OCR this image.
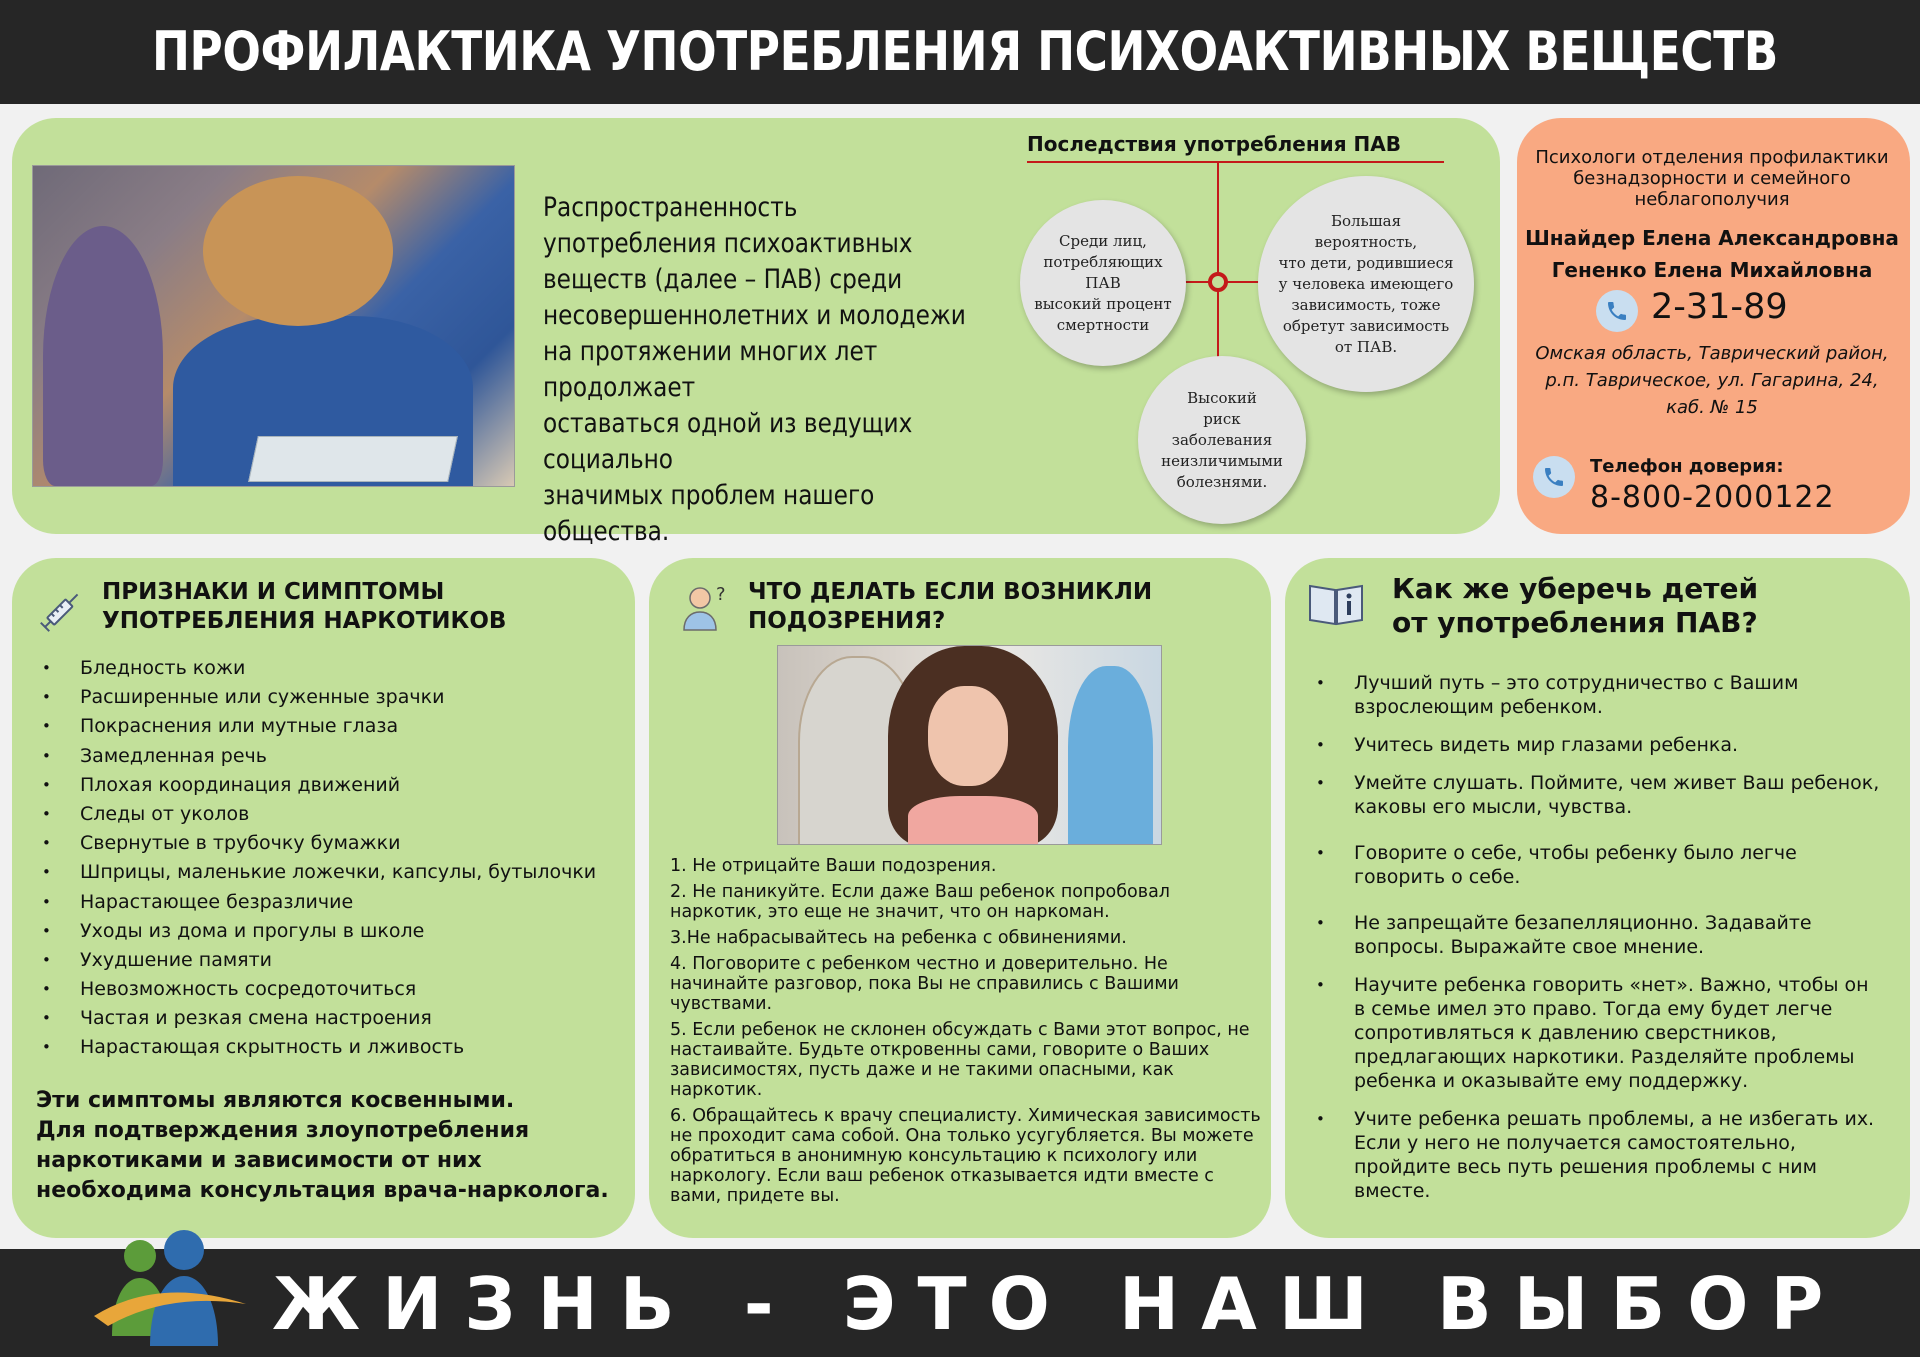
ПРОФИЛАКТИКА УПОТРЕБЛЕНИЯ ПСИХОАКТИВНЫХ ВЕЩЕСТВ
Распространенность
употребления психоактивных
веществ (далее – ПАВ) среди
несовершеннолетних и молодежи
на протяжении многих лет продолжает
оставаться одной из ведущих социально
значимых проблем нашего общества.
Последствия употребления ПАВ
Среди лиц,
потребляющих
ПАВ
высокий процент
смертности
Большая
вероятность,
что дети, родившиеся
у человека имеющего
зависимость, тоже
обретут зависимость
от ПАВ.
Высокий
риск
заболевания
неизличимыми
болезнями.
Психологи отделения профилактики безнадзорности и семейного неблагополучия
Шнайдер Елена Александровна
Гененко Елена Михайловна
2-31-89
Омская область, Таврический район,
р.п. Таврическое, ул. Гагарина, 24,
каб. № 15
Телефон доверия:
8-800-2000122
ПРИЗНАКИ И СИМПТОМЫ
УПОТРЕБЛЕНИЯ НАРКОТИКОВ
• Бледность кожи
• Расширенные или суженные зрачки
• Покраснения или мутные глаза
• Замедленная речь
• Плохая координация движений
• Следы от уколов
• Свернутые в трубочку бумажки
• Шприцы, маленькие ложечки, капсулы, бутылочки
• Нарастающее безразличие
• Уходы из дома и прогулы в школе
• Ухудшение памяти
• Невозможность сосредоточиться
• Частая и резкая смена настроения
• Нарастающая скрытность и лживость
Эти симптомы являются косвенными.
Для подтверждения злоупотребления
наркотиками и зависимости от них
необходима консультация врача-нарколога.
? ЧТО ДЕЛАТЬ ЕСЛИ ВОЗНИКЛИ
ПОДОЗРЕНИЯ?

1. Не отрицайте Ваши подозрения.

2. Не паникуйте. Если даже Ваш ребенок попробовал наркотик, это еще не значит, что он наркоман.

3.Не набрасывайтесь на ребенка с обвинениями.

4. Поговорите с ребенком честно и доверительно. Не начинайте разговор, пока Вы не справились с Вашими чувствами.

5. Если ребенок не склонен обсуждать с Вами этот вопрос, не настаивайте. Будьте откровенны сами, говорите о Ваших зависимостях, пусть даже и не такими опасными, как наркотик.

6. Обращайтесь к врачу специалисту. Химическая зависимость не проходит сама собой. Она только усугубляется. Вы можете обратиться в анонимную консультацию к психологу или наркологу. Если ваш ребенок отказывается идти вместе с вами, придете вы.

Как же уберечь детей
от употребления ПАВ?
• Лучший путь – это сотрудничество с Вашим взрослеющим ребенком.
• Учитесь видеть мир глазами ребенка.
• Умейте слушать. Поймите, чем живет Ваш ребенок, каковы его мысли, чувства.
• Говорите о себе, чтобы ребенку было легче говорить о себе.
• Не запрещайте безапелляционно. Задавайте вопросы. Выражайте свое мнение.
• Научите ребенка говорить «нет». Важно, чтобы он в семье имел это право. Тогда ему будет легче сопротивляться к давлению сверстников, предлагающих наркотики. Разделяйте проблемы ребенка и оказывайте ему поддержку.
• Учите ребенка решать проблемы, а не избегать их. Если у него не получается самостоятельно, пройдите весь путь решения проблемы с ним вместе.
ЖИЗНЬ - ЭТО НАШ ВЫБОР
